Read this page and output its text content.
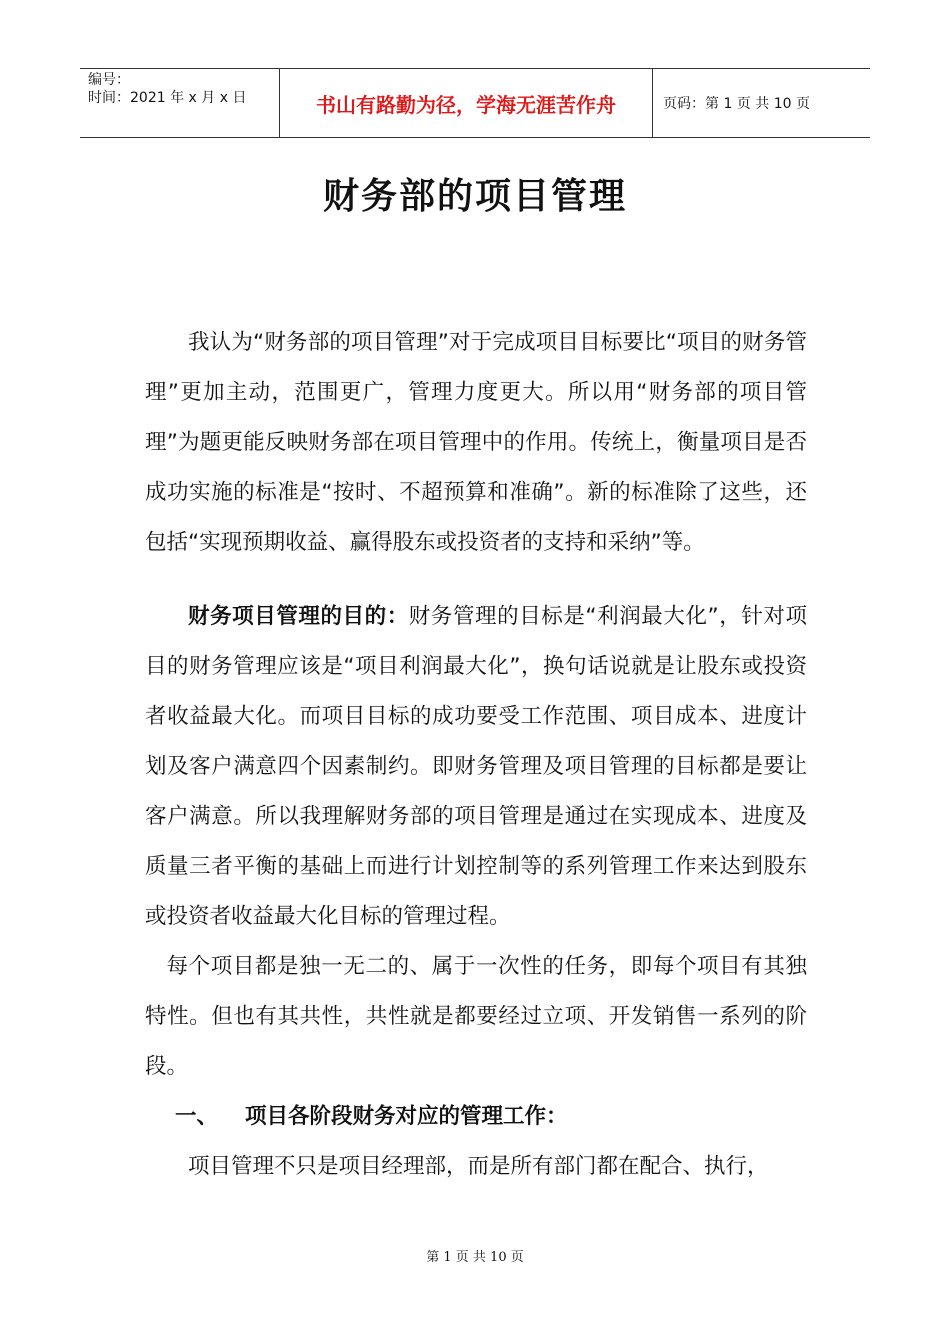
编号：
时间：2021 年 x 月 x 日	书山有路勤为径，学海无涯苦作舟	页码：第 1 页 共 10 页
财务部的项目管理

我认为“财务部的项目管理”对于完成项目目标要比“项目的财务管理”更加主动，范围更广，管理力度更大。所以用“财务部的项目管理”为题更能反映财务部在项目管理中的作用。传统上，衡量项目是否成功实施的标准是“按时、不超预算和准确”。新的标准除了这些，还包括“实现预期收益、赢得股东或投资者的支持和采纳”等。

财务项目管理的目的：财务管理的目标是“利润最大化”，针对项目的财务管理应该是“项目利润最大化”，换句话说就是让股东或投资者收益最大化。而项目目标的成功要受工作范围、项目成本、进度计划及客户满意四个因素制约。即财务管理及项目管理的目标都是要让客户满意。所以我理解财务部的项目管理是通过在实现成本、进度及质量三者平衡的基础上而进行计划控制等的系列管理工作来达到股东或投资者收益最大化目标的管理过程。

每个项目都是独一无二的、属于一次性的任务，即每个项目有其独特性。但也有其共性，共性就是都要经过立项、开发销售一系列的阶段。

一、 项目各阶段财务对应的管理工作：

项目管理不只是项目经理部，而是所有部门都在配合、执行，

第 1 页 共 10 页
